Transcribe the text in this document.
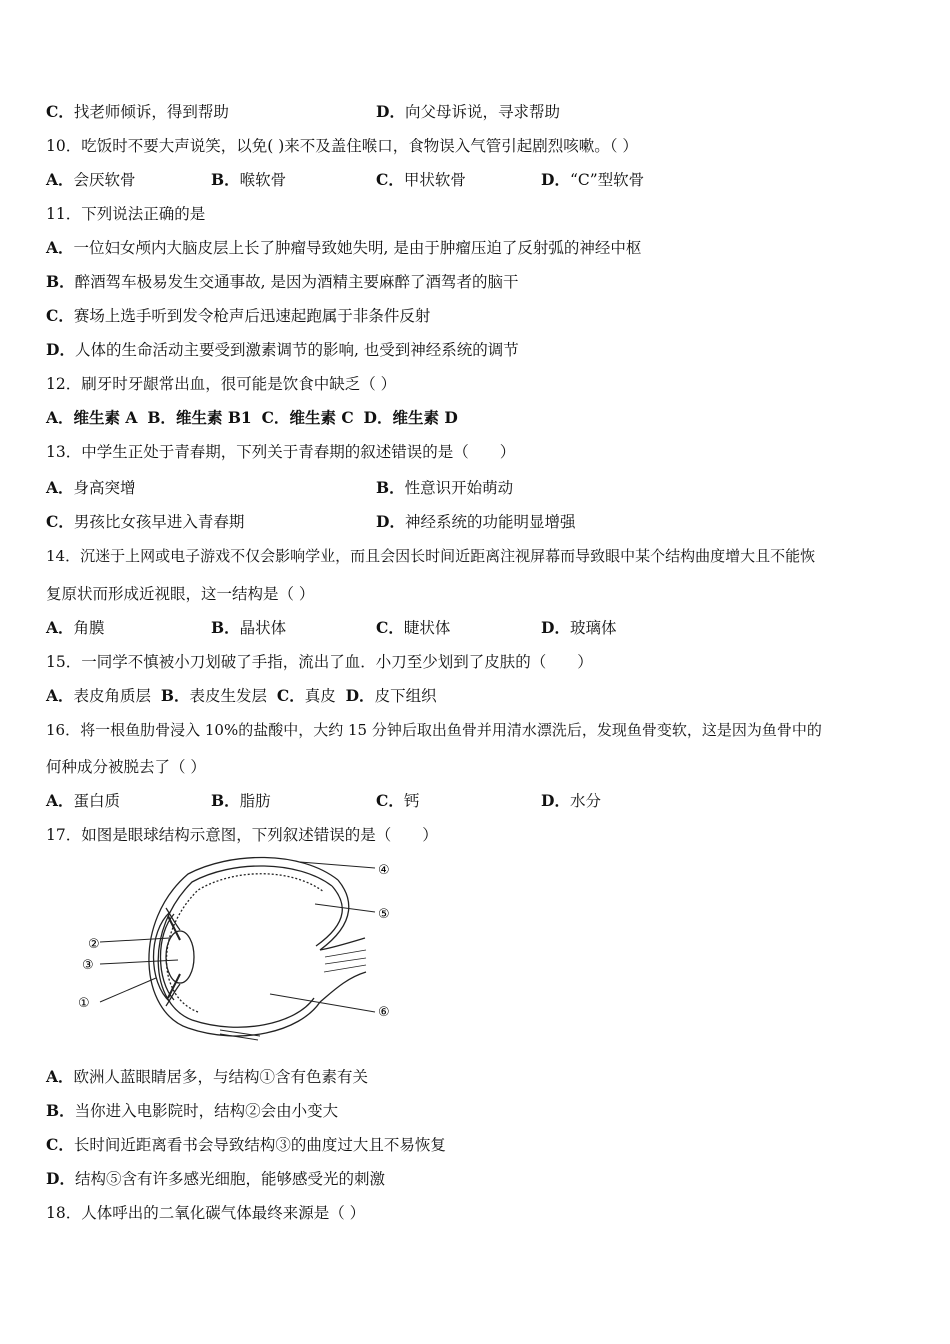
C．找老师倾诉，得到帮助	D．向父母诉说，寻求帮助
10．吃饭时不要大声说笑，以免( )来不及盖住喉口，食物误入气管引起剧烈咳嗽。（ ）
A．会厌软骨	B．喉软骨	C．甲状软骨	D．“C”型软骨
11．下列说法正确的是
A．一位妇女颅内大脑皮层上长了肿瘤导致她失明, 是由于肿瘤压迫了反射弧的神经中枢
B．醉酒驾车极易发生交通事故, 是因为酒精主要麻醉了酒驾者的脑干
C．赛场上选手听到发令枪声后迅速起跑属于非条件反射
D．人体的生命活动主要受到激素调节的影响, 也受到神经系统的调节
12．刷牙时牙龈常出血，很可能是饮食中缺乏（ ）
A．维生素 A B．维生素 B1 C．维生素 C D．维生素 D
13．中学生正处于青春期，下列关于青春期的叙述错误的是（　　）
A．身高突增	B．性意识开始萌动
C．男孩比女孩早进入青春期	D．神经系统的功能明显增强
14．沉迷于上网或电子游戏不仅会影响学业，而且会因长时间近距离注视屏幕而导致眼中某个结构曲度增大且不能恢
复原状而形成近视眼，这一结构是（ ）
A．角膜	B．晶状体	C．睫状体	D．玻璃体
15．一同学不慎被小刀划破了手指，流出了血．小刀至少划到了皮肤的（　　）
A．表皮角质层 B．表皮生发层 C．真皮 D．皮下组织
16．将一根鱼肋骨浸入 10%的盐酸中，大约 15 分钟后取出鱼骨并用清水漂洗后，发现鱼骨变软，这是因为鱼骨中的
何种成分被脱去了（ ）
A．蛋白质	B．脂肪	C．钙	D．水分
17．如图是眼球结构示意图，下列叙述错误的是（　　）
①
②
③
④
⑤
⑥
A．欧洲人蓝眼睛居多，与结构①含有色素有关
B．当你进入电影院时，结构②会由小变大
C．长时间近距离看书会导致结构③的曲度过大且不易恢复
D．结构⑤含有许多感光细胞，能够感受光的刺激
18．人体呼出的二氧化碳气体最终来源是（ ）
